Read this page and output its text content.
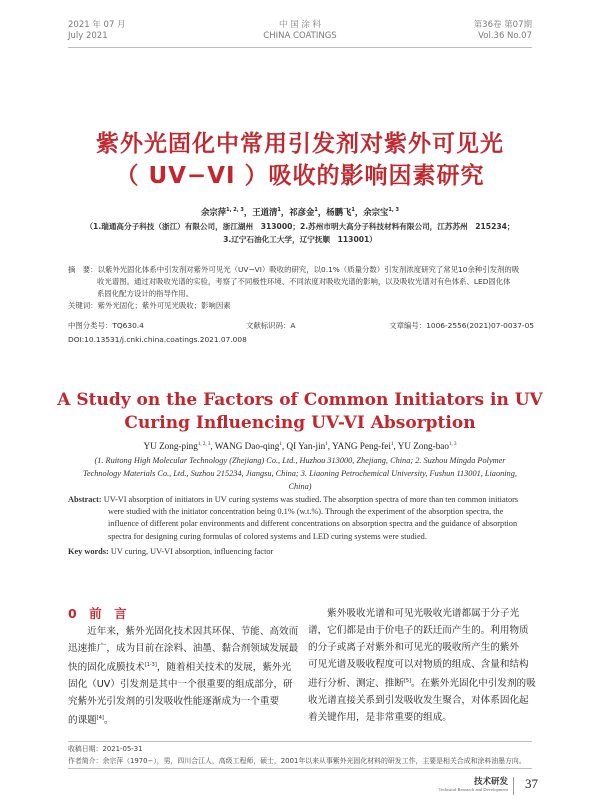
2021 年 07 月
July 2021
中 国 涂 料
CHINA COATINGS
第36卷 第07期
Vol.36 No.07
紫外光固化中常用引发剂对紫外可见光
（ UV−VI ）吸收的影响因素研究
余宗萍$^{1, 2, 3}$，王道清$^1$，祁彦金$^1$，杨鹏飞$^1$，余宗宝$^{1, 3}$
（1.瑞通高分子科技（浙江）有限公司，浙江湖州　313000；2.苏州市明大高分子科技材料有限公司，江苏苏州　215234；
3.辽宁石油化工大学，辽宁抚顺　113001）
摘　要：以紫外光固化体系中引发剂对紫外可见光（UV−VI）吸收的研究，以0.1%（质量分数）引发剂浓度研究了常见10余种引发剂的吸
收光谱图。通过对吸收光谱的实验，考察了不同极性环境、不同浓度对吸收光谱的影响，以及吸收光谱对有色体系、LED固化体
系固化配方设计的指导作用。
关键词：紫外光固化；紫外可见光吸收；影响因素
中图分类号：TQ630.4	文献标识码：A	文章编号：1006-2556(2021)07-0037-05
DOI:10.13531/j.cnki.china.coatings.2021.07.008
A Study on the Factors of Common Initiators in UV
Curing Influencing UV-VI Absorption
YU Zong-ping$^{1, 2, 3}$, WANG Dao-qing$^1$, QI Yan-jin$^1$, YANG Peng-fei$^1$, YU Zong-bao$^{1, 3}$
(1. Ruitong High Molecular Technology (Zhejiang) Co., Ltd., Huzhou 313000, Zhejiang, China; 2. Suzhou Mingda Polymer
Technology Materials Co., Ltd., Suzhou 215234, Jiangsu, China; 3. Liaoning Petrochemical University, Fushun 113001, Liaoning,
China)
Abstract: UV-VI absorption of initiators in UV curing systems was studied. The absorption spectra of more than ten common initiators
were studied with the initiator concentration being 0.1% (w.t.%). Through the experiment of the absorption spectra, the
influence of different polar environments and different concentrations on absorption spectra and the guidance of absorption
spectra for designing curing formulas of colored systems and LED curing systems were studied.
Key words: UV curing, UV-VI absorption, influencing factor
0 前　言
　　近年来，紫外光固化技术因其环保、节能、高效而
迅速推广，成为目前在涂料、油墨、黏合剂领域发展最
快的固化成膜技术[1-3]，随着相关技术的发展，紫外光
固化（UV）引发剂是其中一个很重要的组成部分，研
究紫外光引发剂的引发吸收性能逐渐成为一个重要
的课题[4]。
　　紫外吸收光谱和可见光吸收光谱都属于分子光
谱，它们都是由于价电子的跃迁而产生的。利用物质
的分子或离子对紫外和可见光的吸收所产生的紫外
可见光谱及吸收程度可以对物质的组成、含量和结构
进行分析、测定、推断[5]。在紫外光固化中引发剂的吸
收光谱直接关系到引发吸收发生聚合，对体系固化起
着关键作用，是非常重要的组成。
收稿日期：2021-05-31
作者简介：余宗萍（1970−），男，四川合江人，高级工程师，硕士，2001年以来从事紫外光固化材料的研发工作，主要是相关合成和涂料油墨方向。
技术研发
Technical Research and Development 37
